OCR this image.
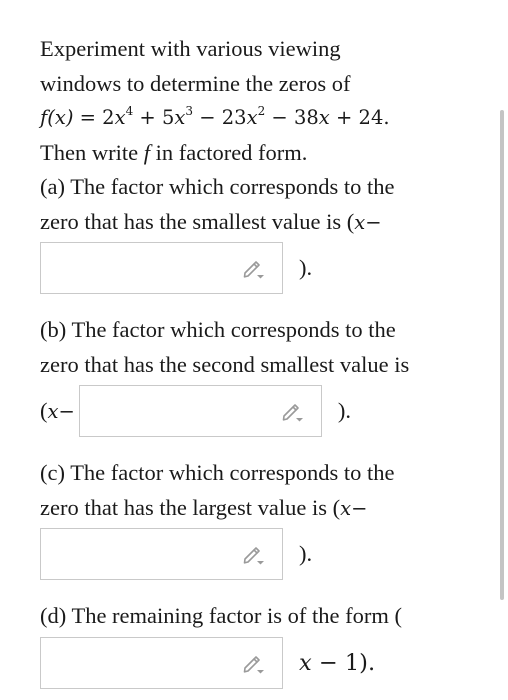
Experiment with various viewing
windows to determine the zeros of
$f(x) = 2x^4 + 5x^3 - 23x^2 - 38x + 24$.
Then write f in factored form.
(a) The factor which corresponds to the
zero that has the smallest value is (x−
).
(b) The factor which corresponds to the
zero that has the second smallest value is
(x−	).
(c) The factor which corresponds to the
zero that has the largest value is (x−
).
(d) The remaining factor is of the form (
x − 1).
